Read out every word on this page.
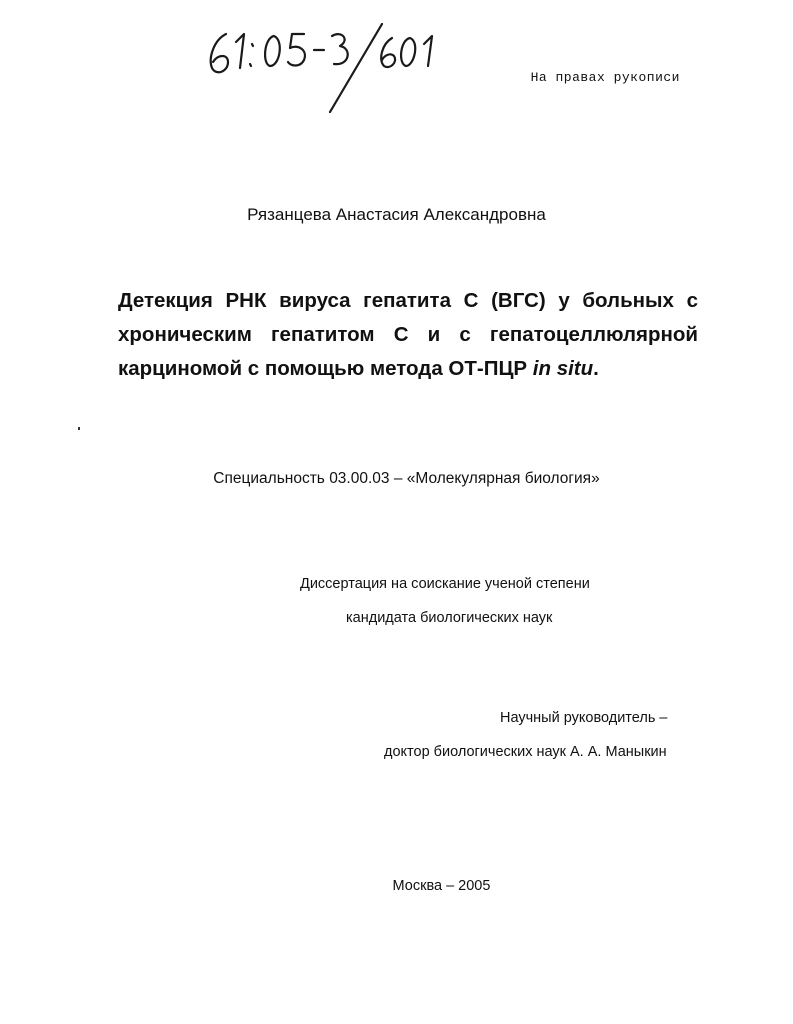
На правах рукописи
Рязанцева Анастасия Александровна
Детекция РНК вируса гепатита С (ВГС) у больных с
хроническим гепатитом С и с гепатоцеллюлярной
карциномой с помощью метода ОТ-ПЦР in situ.
Специальность 03.00.03 – «Молекулярная биология»
Диссертация на соискание ученой степени
кандидата биологических наук
Научный руководитель –
доктор биологических наук А. А. Маныкин
Москва – 2005
